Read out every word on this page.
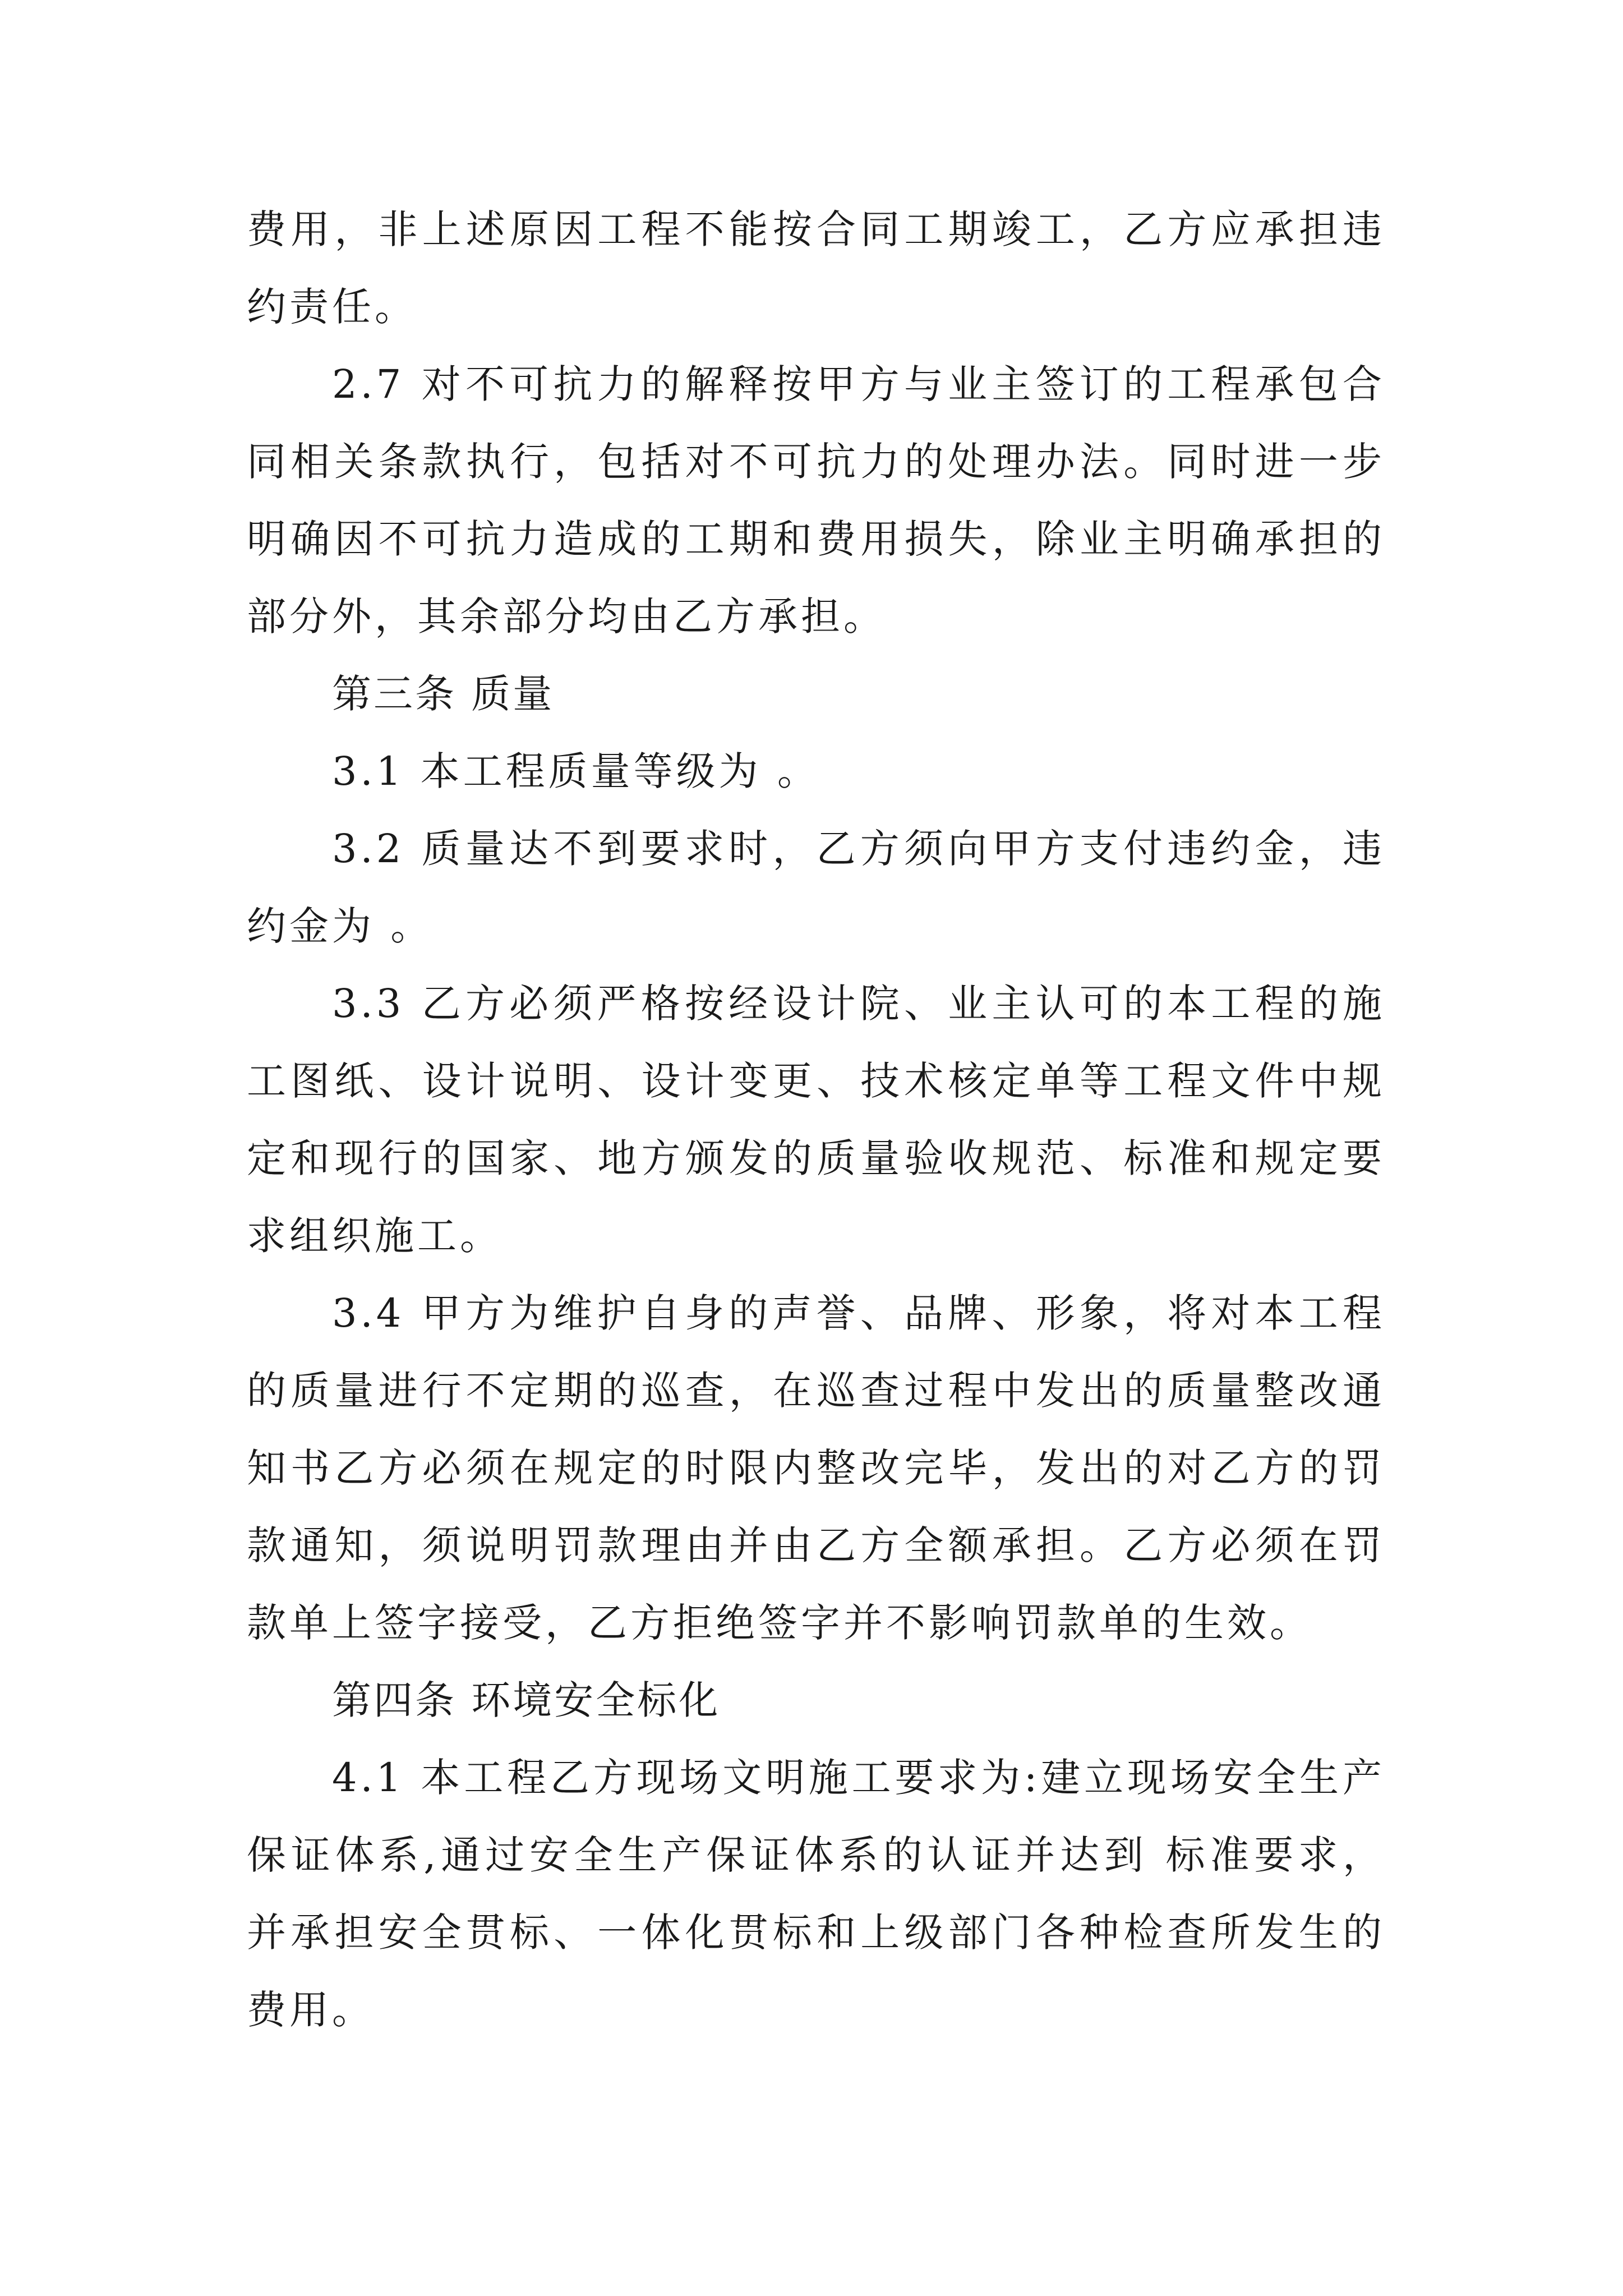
费用，非上述原因工程不能按合同工期竣工，乙方应承担违约责任。

2.7 对不可抗力的解释按甲方与业主签订的工程承包合同相关条款执行，包括对不可抗力的处理办法。同时进一步明确因不可抗力造成的工期和费用损失，除业主明确承担的部分外，其余部分均由乙方承担。

第三条 质量

3.1 本工程质量等级为 。

3.2 质量达不到要求时，乙方须向甲方支付违约金，违约金为 。

3.3 乙方必须严格按经设计院、业主认可的本工程的施工图纸、设计说明、设计变更、技术核定单等工程文件中规定和现行的国家、地方颁发的质量验收规范、标准和规定要求组织施工。

3.4 甲方为维护自身的声誉、品牌、形象，将对本工程的质量进行不定期的巡查，在巡查过程中发出的质量整改通知书乙方必须在规定的时限内整改完毕，发出的对乙方的罚款通知，须说明罚款理由并由乙方全额承担。乙方必须在罚款单上签字接受，乙方拒绝签字并不影响罚款单的生效。

第四条 环境安全标化

4.1 本工程乙方现场文明施工要求为:建立现场安全生产保证体系,通过安全生产保证体系的认证并达到 标准要求，并承担安全贯标、一体化贯标和上级部门各种检查所发生的费用。
